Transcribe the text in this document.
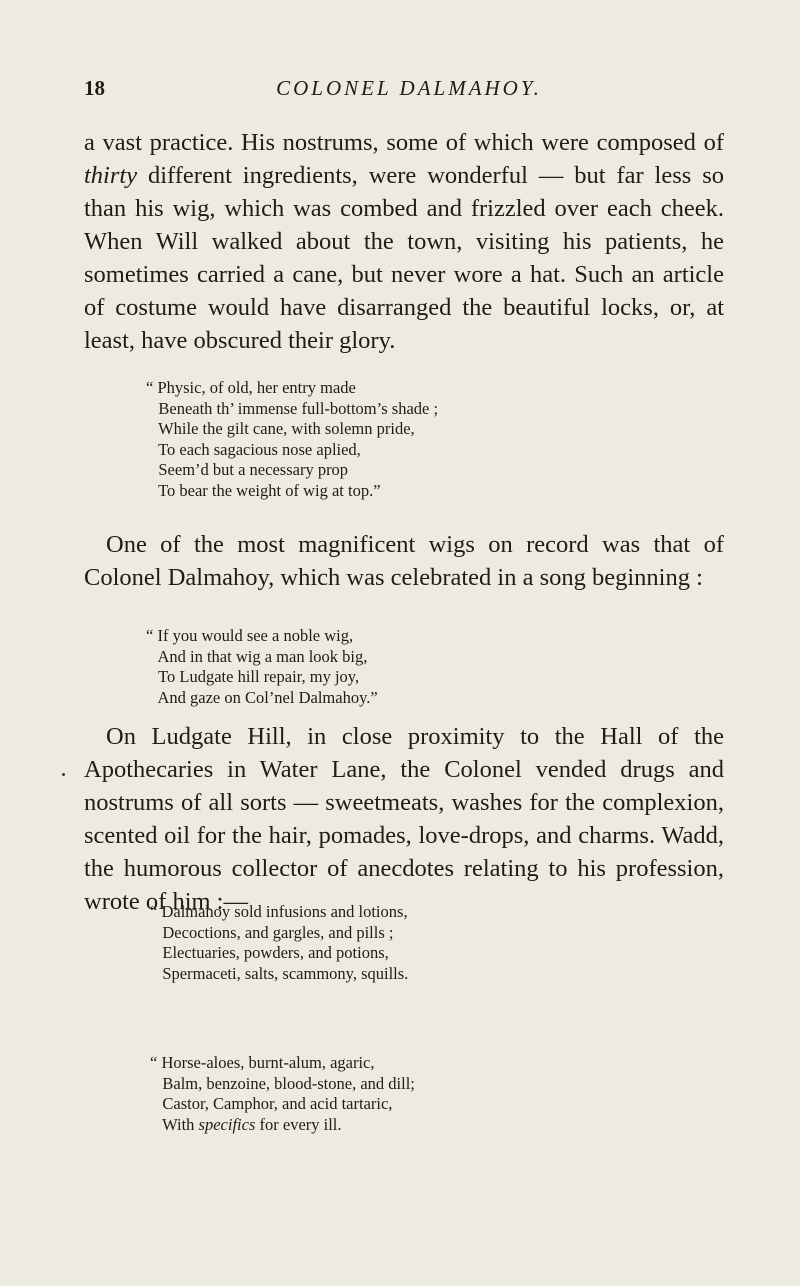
18	COLONEL DALMAHOY.

a vast practice. His nostrums, some of which were composed of thirty different ingredients, were wonderful — but far less so than his wig, which was combed and frizzled over each cheek. When Will walked about the town, visiting his patients, he sometimes carried a cane, but never wore a hat. Such an article of costume would have disarranged the beautiful locks, or, at least, have obscured their glory.

“ Physic, of old, her entry made
Beneath th’ immense full-bottom’s shade ;
While the gilt cane, with solemn pride,
To each sagacious nose aplied,
Seem’d but a necessary prop
To bear the weight of wig at top.”

One of the most magnificent wigs on record was that of Colonel Dalmahoy, which was celebrated in a song beginning :

“ If you would see a noble wig,
And in that wig a man look big,
To Ludgate hill repair, my joy,
And gaze on Col’nel Dalmahoy.”

On Ludgate Hill, in close proximity to the Hall of the Apothecaries in Water Lane, the Colonel vended drugs and nostrums of all sorts — sweetmeats, washes for the complexion, scented oil for the hair, pomades, love-drops, and charms. Wadd, the humorous collector of anecdotes relating to his profession, wrote of him :—

“ Dalmahoy sold infusions and lotions,
Decoctions, and gargles, and pills ;
Electuaries, powders, and potions,
Spermaceti, salts, scammony, squills.
“ Horse-aloes, burnt-alum, agaric,
Balm, benzoine, blood-stone, and dill;
Castor, Camphor, and acid tartaric,
With specifics for every ill.
